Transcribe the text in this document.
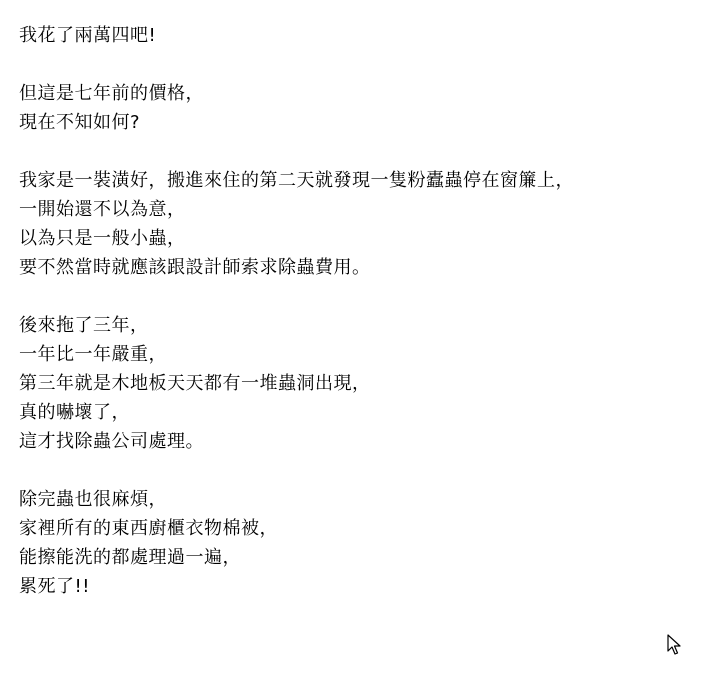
我花了兩萬四吧!
但這是七年前的價格，
現在不知如何?
我家是一裝潢好，搬進來住的第二天就發現一隻粉蠹蟲停在窗簾上，
一開始還不以為意，
以為只是一般小蟲，
要不然當時就應該跟設計師索求除蟲費用。
後來拖了三年，
一年比一年嚴重，
第三年就是木地板天天都有一堆蟲洞出現，
真的嚇壞了，
這才找除蟲公司處理。
除完蟲也很麻煩，
家裡所有的東西廚櫃衣物棉被，
能擦能洗的都處理過一遍，
累死了!!
